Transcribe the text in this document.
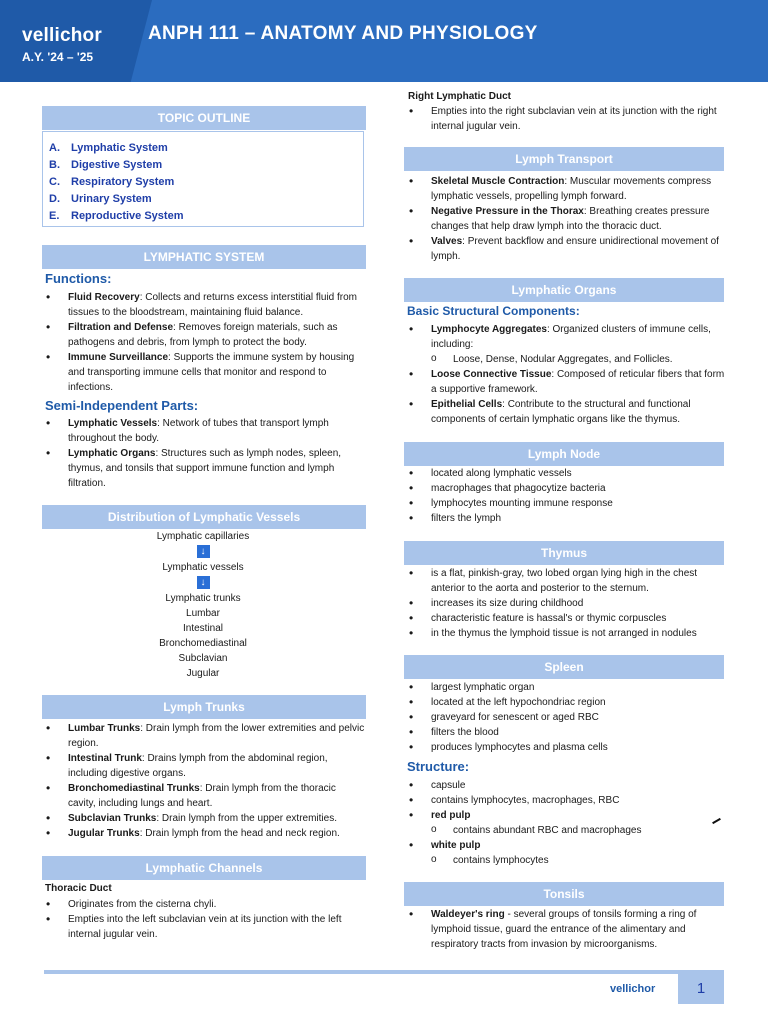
vellichor
A.Y. '24 – '25
ANPH 111 – ANATOMY AND PHYSIOLOGY
TOPIC OUTLINE
A. Lymphatic System
B. Digestive System
C. Respiratory System
D. Urinary System
E. Reproductive System
LYMPHATIC SYSTEM
Functions:
• Fluid Recovery: Collects and returns excess interstitial fluid from tissues to the bloodstream, maintaining fluid balance.
• Filtration and Defense: Removes foreign materials, such as pathogens and debris, from lymph to protect the body.
• Immune Surveillance: Supports the immune system by housing and transporting immune cells that monitor and respond to infections.
Semi-Independent Parts:
• Lymphatic Vessels: Network of tubes that transport lymph throughout the body.
• Lymphatic Organs: Structures such as lymph nodes, spleen, thymus, and tonsils that support immune function and lymph filtration.
Distribution of Lymphatic Vessels
Lymphatic capillaries
↓
Lymphatic vessels
↓
Lymphatic trunks
Lumbar
Intestinal
Bronchomediastinal
Subclavian
Jugular
Lymph Trunks
• Lumbar Trunks: Drain lymph from the lower extremities and pelvic region.
• Intestinal Trunk: Drains lymph from the abdominal region, including digestive organs.
• Bronchomediastinal Trunks: Drain lymph from the thoracic cavity, including lungs and heart.
• Subclavian Trunks: Drain lymph from the upper extremities.
• Jugular Trunks: Drain lymph from the head and neck region.
Lymphatic Channels
Thoracic Duct
• Originates from the cisterna chyli.
• Empties into the left subclavian vein at its junction with the left internal jugular vein.
Right Lymphatic Duct
• Empties into the right subclavian vein at its junction with the right internal jugular vein.
Lymph Transport
• Skeletal Muscle Contraction: Muscular movements compress lymphatic vessels, propelling lymph forward.
• Negative Pressure in the Thorax: Breathing creates pressure changes that help draw lymph into the thoracic duct.
• Valves: Prevent backflow and ensure unidirectional movement of lymph.
Lymphatic Organs
Basic Structural Components:
• Lymphocyte Aggregates: Organized clusters of immune cells, including:
o Loose, Dense, Nodular Aggregates, and Follicles.
• Loose Connective Tissue: Composed of reticular fibers that form a supportive framework.
• Epithelial Cells: Contribute to the structural and functional components of certain lymphatic organs like the thymus.
Lymph Node
• located along lymphatic vessels
• macrophages that phagocytize bacteria
• lymphocytes mounting immune response
• filters the lymph
Thymus
• is a flat, pinkish-gray, two lobed organ lying high in the chest anterior to the aorta and posterior to the sternum.
• increases its size during childhood
• characteristic feature is hassal's or thymic corpuscles
• in the thymus the lymphoid tissue is not arranged in nodules
Spleen
• largest lymphatic organ
• located at the left hypochondriac region
• graveyard for senescent or aged RBC
• filters the blood
• produces lymphocytes and plasma cells
Structure:
• capsule
• contains lymphocytes, macrophages, RBC
• red pulp
o contains abundant RBC and macrophages
• white pulp
o contains lymphocytes
Tonsils
• Waldeyer's ring - several groups of tonsils forming a ring of lymphoid tissue, guard the entrance of the alimentary and respiratory tracts from invasion by microorganisms.
vellichor	1
